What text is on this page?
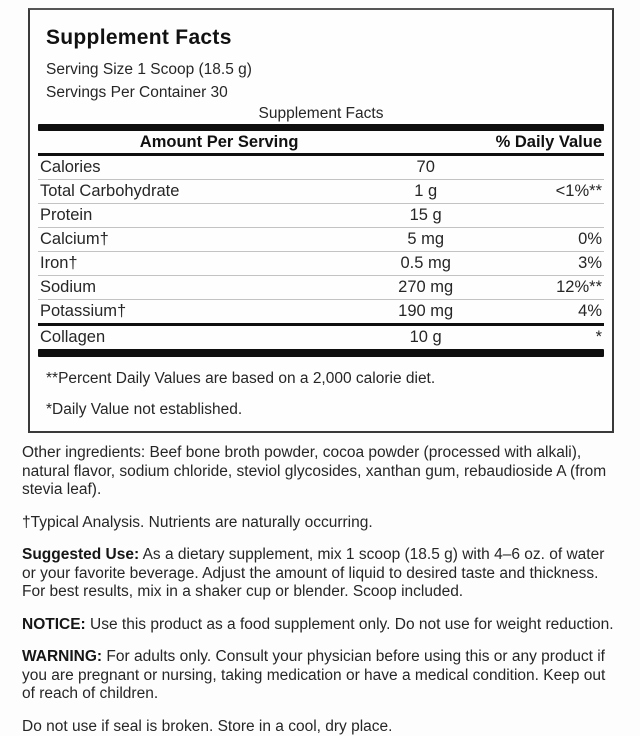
Supplement Facts
Serving Size 1 Scoop (18.5 g)
Servings Per Container 30
Supplement Facts
Amount Per Serving	% Daily Value
Calories	70
Total Carbohydrate	1 g	<1%**
Protein	15 g
Calcium†	5 mg	0%
Iron†	0.5 mg	3%
Sodium	270 mg	12%**
Potassium†	190 mg	4%
Collagen	10 g	*
**Percent Daily Values are based on a 2,000 calorie diet.
*Daily Value not established.

Other ingredients: Beef bone broth powder, cocoa powder (processed with alkali), natural flavor, sodium chloride, steviol glycosides, xanthan gum, rebaudioside A (from stevia leaf).

†Typical Analysis. Nutrients are naturally occurring.

Suggested Use: As a dietary supplement, mix 1 scoop (18.5 g) with 4–6 oz. of water or your favorite beverage. Adjust the amount of liquid to desired taste and thickness. For best results, mix in a shaker cup or blender. Scoop included.

NOTICE: Use this product as a food supplement only. Do not use for weight reduction.

WARNING: For adults only. Consult your physician before using this or any product if you are pregnant or nursing, taking medication or have a medical condition. Keep out of reach of children.

Do not use if seal is broken. Store in a cool, dry place.
